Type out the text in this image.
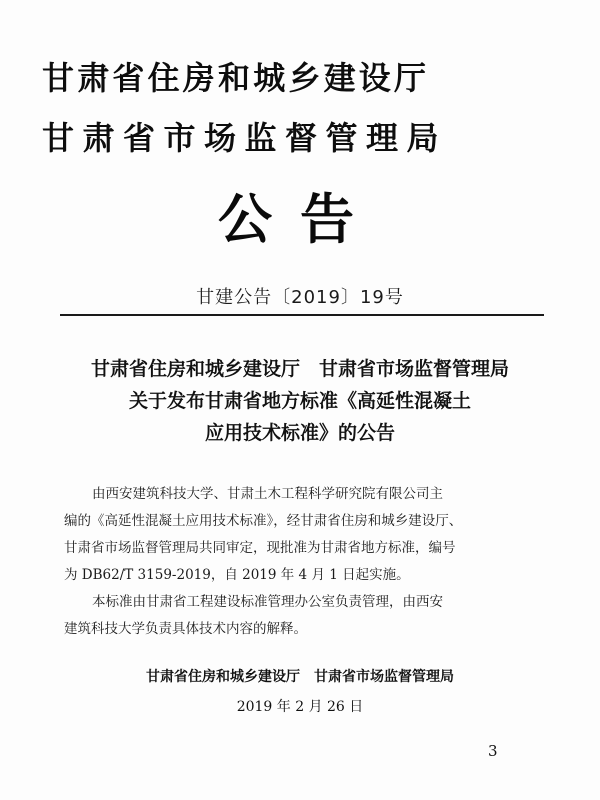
甘肃省住房和城乡建设厅
甘肃省市场监督管理局
公告
甘建公告〔2019〕19号
甘肃省住房和城乡建设厅　甘肃省市场监督管理局
关于发布甘肃省地方标准《高延性混凝土
应用技术标准》的公告
由西安建筑科技大学、甘肃土木工程科学研究院有限公司主
编的《高延性混凝土应用技术标准》，经甘肃省住房和城乡建设厅、
甘肃省市场监督管理局共同审定，现批准为甘肃省地方标准，编号
为 DB62/T 3159-2019，自 2019 年 4 月 1 日起实施。
本标准由甘肃省工程建设标准管理办公室负责管理，由西安
建筑科技大学负责具体技术内容的解释。
甘肃省住房和城乡建设厅　甘肃省市场监督管理局
2019 年 2 月 26 日
3
